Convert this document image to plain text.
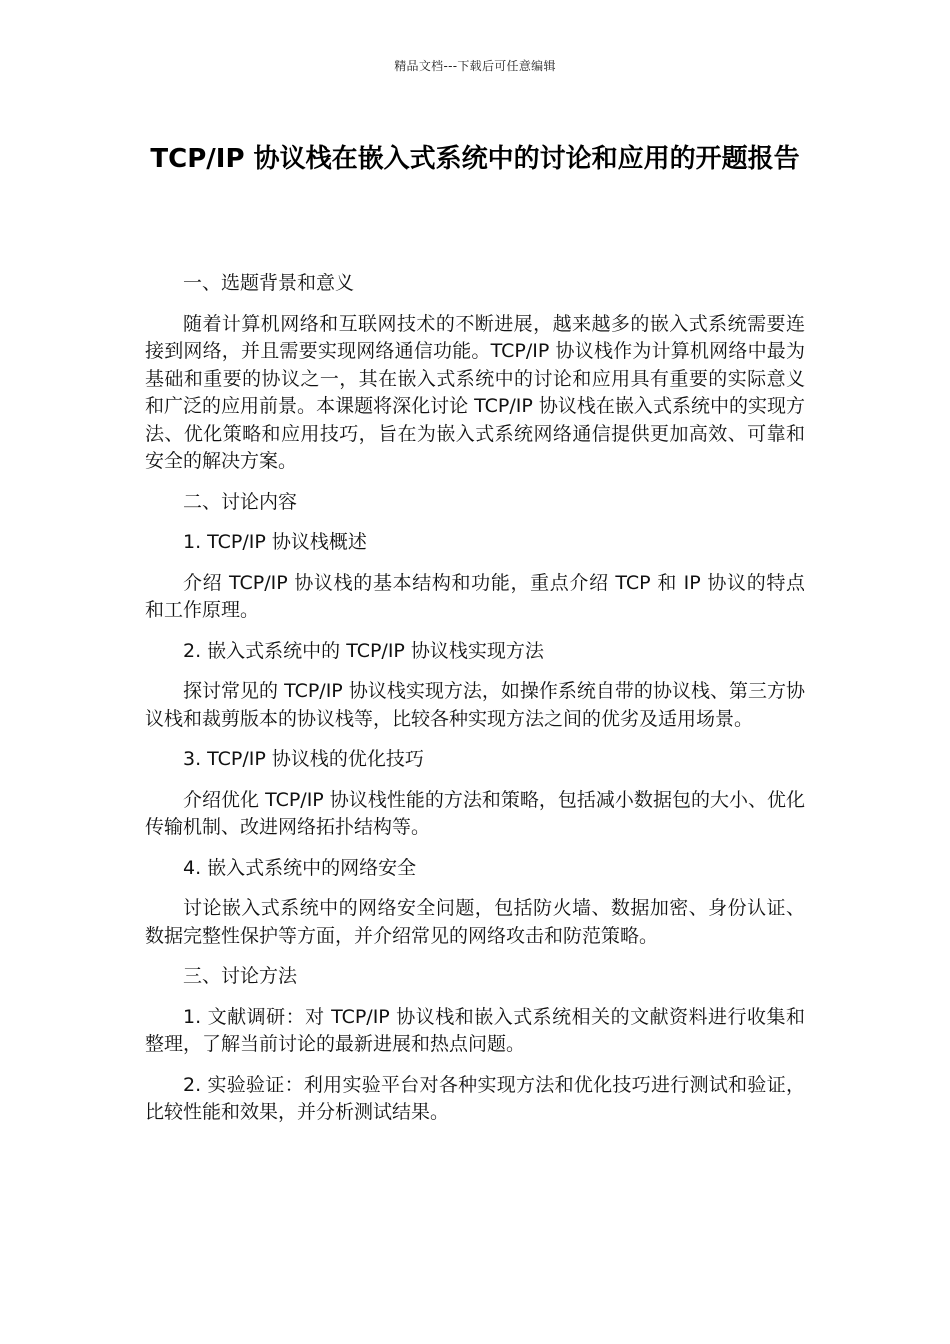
精品文档---下载后可任意编辑
TCP/IP 协议栈在嵌入式系统中的讨论和应用的开题报告

一、选题背景和意义

随着计算机网络和互联网技术的不断进展，越来越多的嵌入式系统需要连接到网络，并且需要实现网络通信功能。TCP/IP 协议栈作为计算机网络中最为基础和重要的协议之一，其在嵌入式系统中的讨论和应用具有重要的实际意义和广泛的应用前景。本课题将深化讨论 TCP/IP 协议栈在嵌入式系统中的实现方法、优化策略和应用技巧，旨在为嵌入式系统网络通信提供更加高效、可靠和安全的解决方案。

二、讨论内容

1. TCP/IP 协议栈概述

介绍 TCP/IP 协议栈的基本结构和功能，重点介绍 TCP 和 IP 协议的特点和工作原理。

2. 嵌入式系统中的 TCP/IP 协议栈实现方法

探讨常见的 TCP/IP 协议栈实现方法，如操作系统自带的协议栈、第三方协议栈和裁剪版本的协议栈等，比较各种实现方法之间的优劣及适用场景。

3. TCP/IP 协议栈的优化技巧

介绍优化 TCP/IP 协议栈性能的方法和策略，包括减小数据包的大小、优化传输机制、改进网络拓扑结构等。

4. 嵌入式系统中的网络安全

讨论嵌入式系统中的网络安全问题，包括防火墙、数据加密、身份认证、数据完整性保护等方面，并介绍常见的网络攻击和防范策略。

三、讨论方法

1. 文献调研：对 TCP/IP 协议栈和嵌入式系统相关的文献资料进行收集和整理，了解当前讨论的最新进展和热点问题。

2. 实验验证：利用实验平台对各种实现方法和优化技巧进行测试和验证，比较性能和效果，并分析测试结果。
